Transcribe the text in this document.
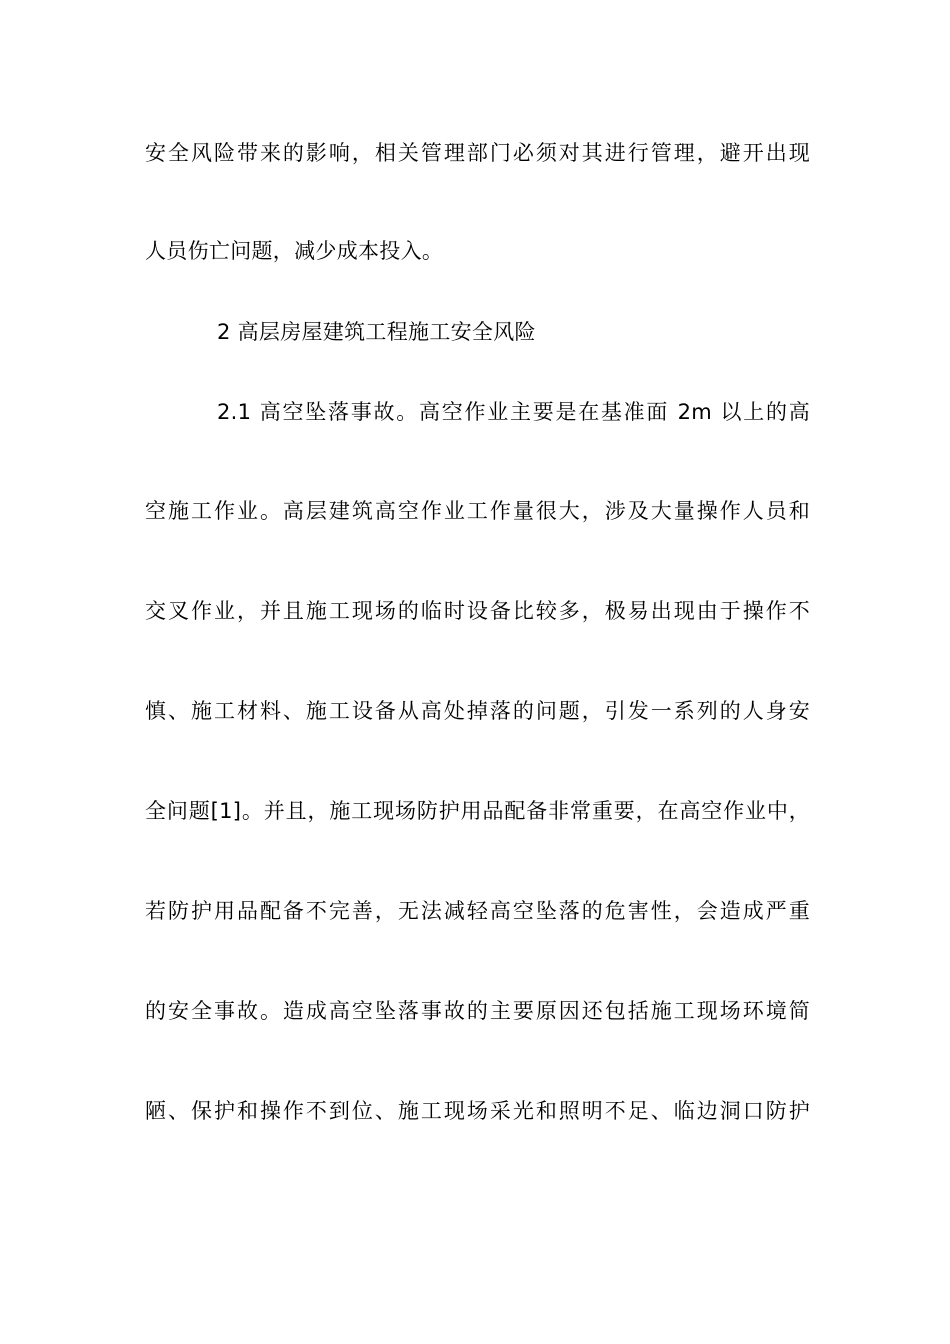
安全风险带来的影响，相关管理部门必须对其进行管理，避开出现
人员伤亡问题，减少成本投入。
2 高层房屋建筑工程施工安全风险
2.1 高空坠落事故。高空作业主要是在基准面 2m 以上的高
空施工作业。高层建筑高空作业工作量很大，涉及大量操作人员和
交叉作业，并且施工现场的临时设备比较多，极易出现由于操作不
慎、施工材料、施工设备从高处掉落的问题，引发一系列的人身安
全问题[1]。并且，施工现场防护用品配备非常重要，在高空作业中，
若防护用品配备不完善，无法减轻高空坠落的危害性，会造成严重
的安全事故。造成高空坠落事故的主要原因还包括施工现场环境简
陋、保护和操作不到位、施工现场采光和照明不足、临边洞口防护
